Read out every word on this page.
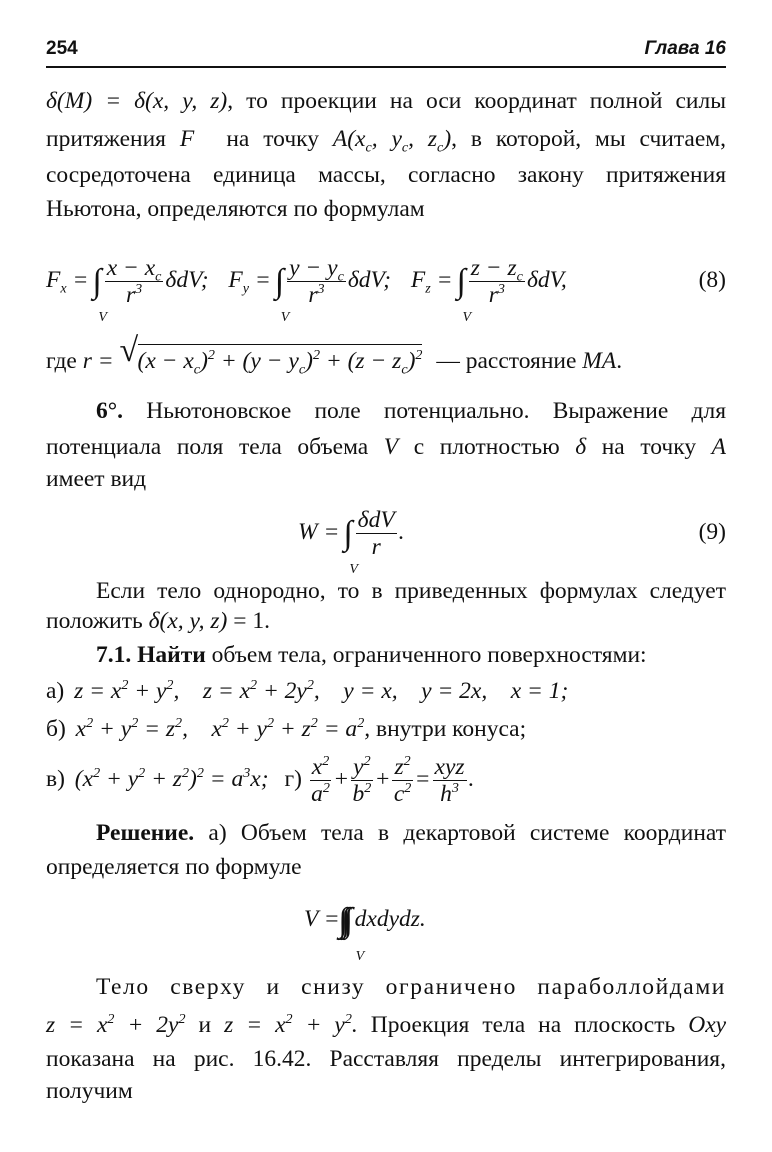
254	Глава 16
δ(M) = δ(x, y, z), то проекции на оси координат полной силы
притяжения F⃗ на точку $A(x_c$, $y_c$, $z_c$), в которой, мы считаем,
сосредоточена единица массы, согласно закону притяжения
Ньютона, определяются по формулам
$F_x$ = ∫
V
$\frac{x - x_c}{r^3} \delta dV$; $F_y$ = ∫
V
$\frac{y - y_c}{r^3} \delta dV$; $F_z$ = ∫
V
$\frac{z - z_c}{r^3} \delta dV$,	(8)
где r = √ $(x - x_c)^2 + (y - y_c)^2 + (z - z_c)^2$ — расстояние MA.
6°. Ньютоновское поле потенциально. Выражение для
потенциала поля тела объема V с плотностью δ на точку A
имеет вид
W = ∫
V
$\frac{\text{δdV}}{r}$ .	(9)
Если тело однородно, то в приведенных формулах следует
положить δ(x, y, z) = 1.
7.1. Найти объем тела, ограниченного поверхностями:
а) $z = x^2 + y^2$,    $z = x^2 + 2y^2$,    y = x,    y = 2x,    x = 1;
б) $x^2 + y^2 = z^2$,    $x^2 + y^2 + z^2 = a^2$, внутри конуса;
в) $(x^2 + y^2 + z^2)^2 = a^3x$; $г) \frac{x^2}{a^2} + \frac{y^2}{b^2} + \frac{z^2}{c^2} = \frac{\text{xyz}}{h^3}$ .
Решение. а) Объем тела в декартовой системе координат
определяется по формуле
V = dxdydz.
Тело сверху и снизу ограничено параболлойдами
$z = x^2 + 2y^2$ и $z = x^2 + y^2$. Проекция тела на плоскость Oxy
показана на рис. 16.42. Расставляя пределы интегрирования,
получим
